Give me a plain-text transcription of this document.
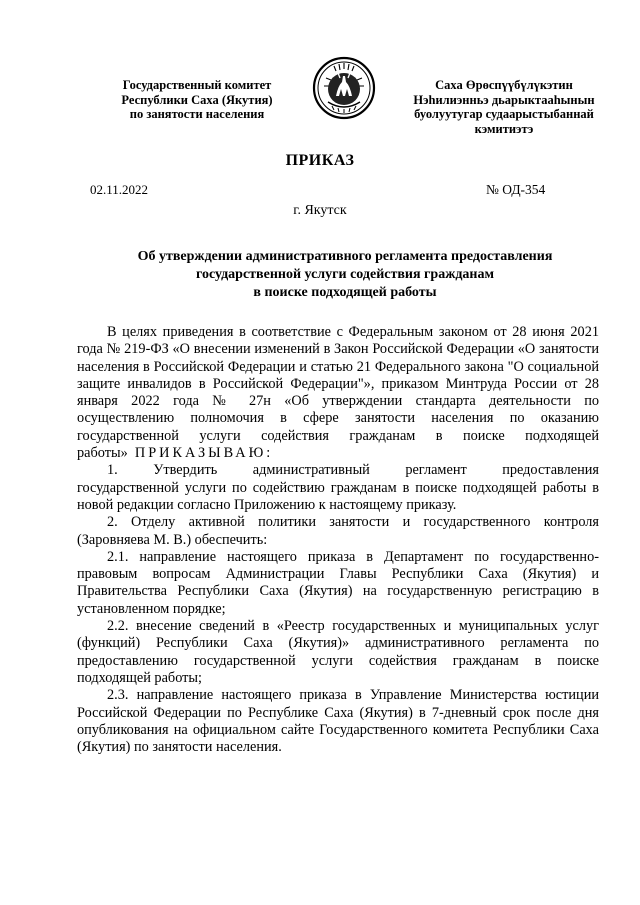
Государственный комитет
Республики Саха (Якутия)
по занятости населения
Саха Өрөспүүбүлүкэтин
Нэһилиэнньэ дьарыктааһынын
буолуутугар судаарыстыбаннай
кэмитиэтэ
ПРИКАЗ
02.11.2022	№ ОД-354
г. Якутск
Об утверждении административного регламента предоставления
государственной услуги содействия гражданам
в поиске подходящей работы

В целях приведения в соответствие с Федеральным законом от 28 июня 2021 года № 219-ФЗ «О внесении изменений в Закон Российской Федерации «О занятости населения в Российской Федерации и статью 21 Федерального закона "О социальной защите инвалидов в Российской Федерации"», приказом Минтруда России от 28 января 2022 года № 27н «Об утверждении стандарта деятельности по осуществлению полномочия в сфере занятости населения по оказанию государственной услуги содействия гражданам в поиске подходящей работы» ПРИКАЗЫВАЮ:

1. Утвердить административный регламент предоставления

государственной услуги по содействию гражданам в поиске подходящей работы в новой редакции согласно Приложению к настоящему приказу.

2. Отделу активной политики занятости и государственного контроля (Заровняева М. В.) обеспечить:

2.1. направление настоящего приказа в Департамент по государственно-правовым вопросам Администрации Главы Республики Саха (Якутия) и Правительства Республики Саха (Якутия) на государственную регистрацию в установленном порядке;

2.2. внесение сведений в «Реестр государственных и муниципальных услуг (функций) Республики Саха (Якутия)» административного регламента по предоставлению государственной услуги содействия гражданам в поиске подходящей работы;

2.3. направление настоящего приказа в Управление Министерства юстиции Российской Федерации по Республике Саха (Якутия) в 7-дневный срок после дня опубликования на официальном сайте Государственного комитета Республики Саха (Якутия) по занятости населения.
